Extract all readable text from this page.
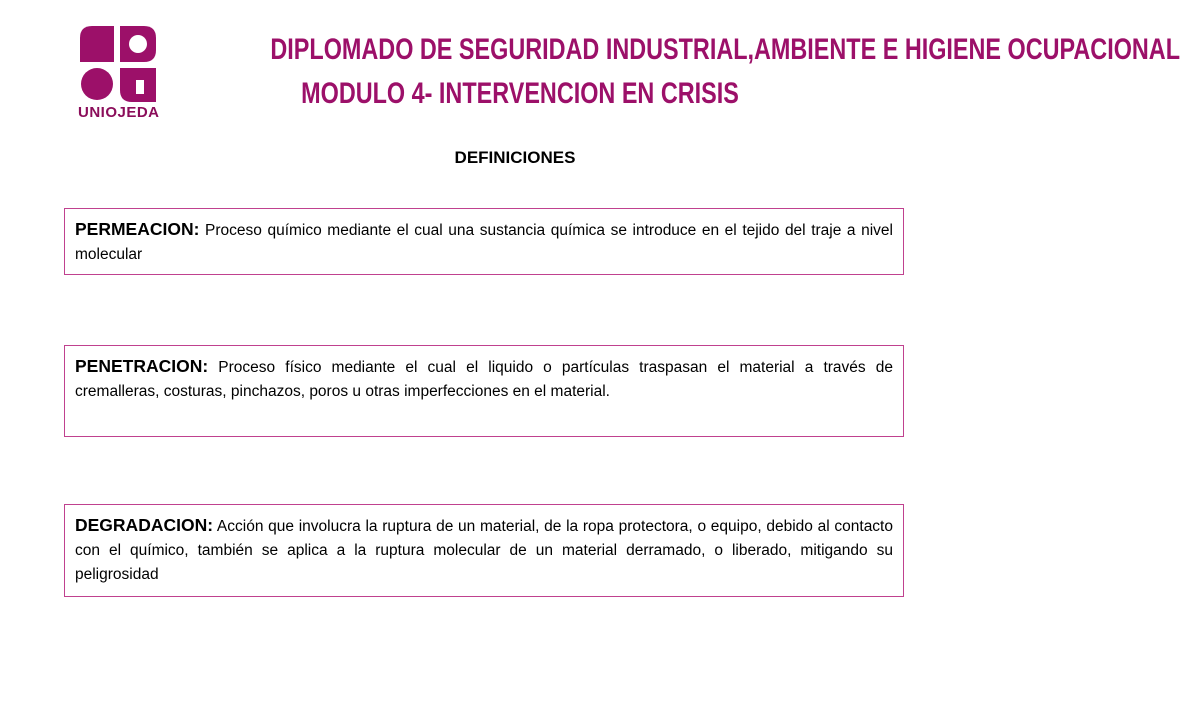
UNIOJEDA
DIPLOMADO DE SEGURIDAD INDUSTRIAL,AMBIENTE E HIGIENE OCUPACIONAL
MODULO 4- INTERVENCION EN CRISIS
DEFINICIONES
PERMEACION: Proceso químico mediante el cual una sustancia química se introduce en el tejido del traje a nivel molecular
PENETRACION: Proceso físico mediante el cual el liquido o partículas traspasan el material a través de cremalleras, costuras, pinchazos, poros u otras imperfecciones en el material.
DEGRADACION: Acción que involucra la ruptura de un material, de la ropa protectora, o equipo, debido al contacto con el químico, también se aplica a la ruptura molecular de un material derramado, o liberado, mitigando su peligrosidad
